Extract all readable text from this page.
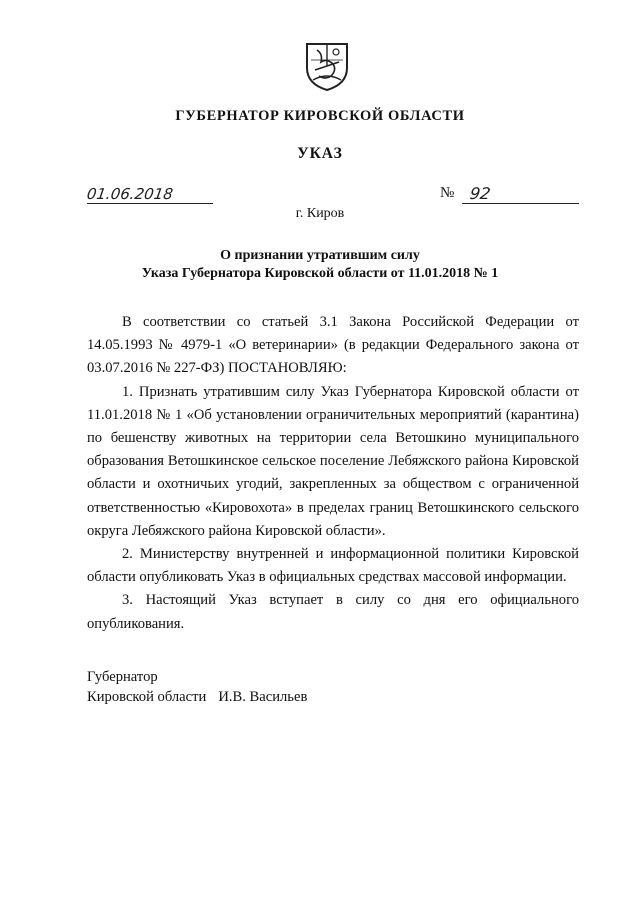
ГУБЕРНАТОР КИРОВСКОЙ ОБЛАСТИ
УКАЗ
01.06.2018	№ 92
г. Киров
О признании утратившим силу
Указа Губернатора Кировской области от 11.01.2018 № 1

В соответствии со статьей 3.1 Закона Российской Федерации от 14.05.1993 № 4979-1 «О ветеринарии» (в редакции Федерального закона от 03.07.2016 № 227-ФЗ) ПОСТАНОВЛЯЮ:

1. Признать утратившим силу Указ Губернатора Кировской области от 11.01.2018 № 1 «Об установлении ограничительных мероприятий (карантина) по бешенству животных на территории села Ветошкино муниципального образования Ветошкинское сельское поселение Лебяжского района Кировской области и охотничьих угодий, закрепленных за обществом с ограниченной ответственностью «Кировохота» в пределах границ Ветошкинского сельского округа Лебяжского района Кировской области».

2. Министерству внутренней и информационной политики Кировской области опубликовать Указ в официальных средствах массовой информации.

3. Настоящий Указ вступает в силу со дня его официального опубликования.

Губернатор
Кировской области И.В. Васильев
